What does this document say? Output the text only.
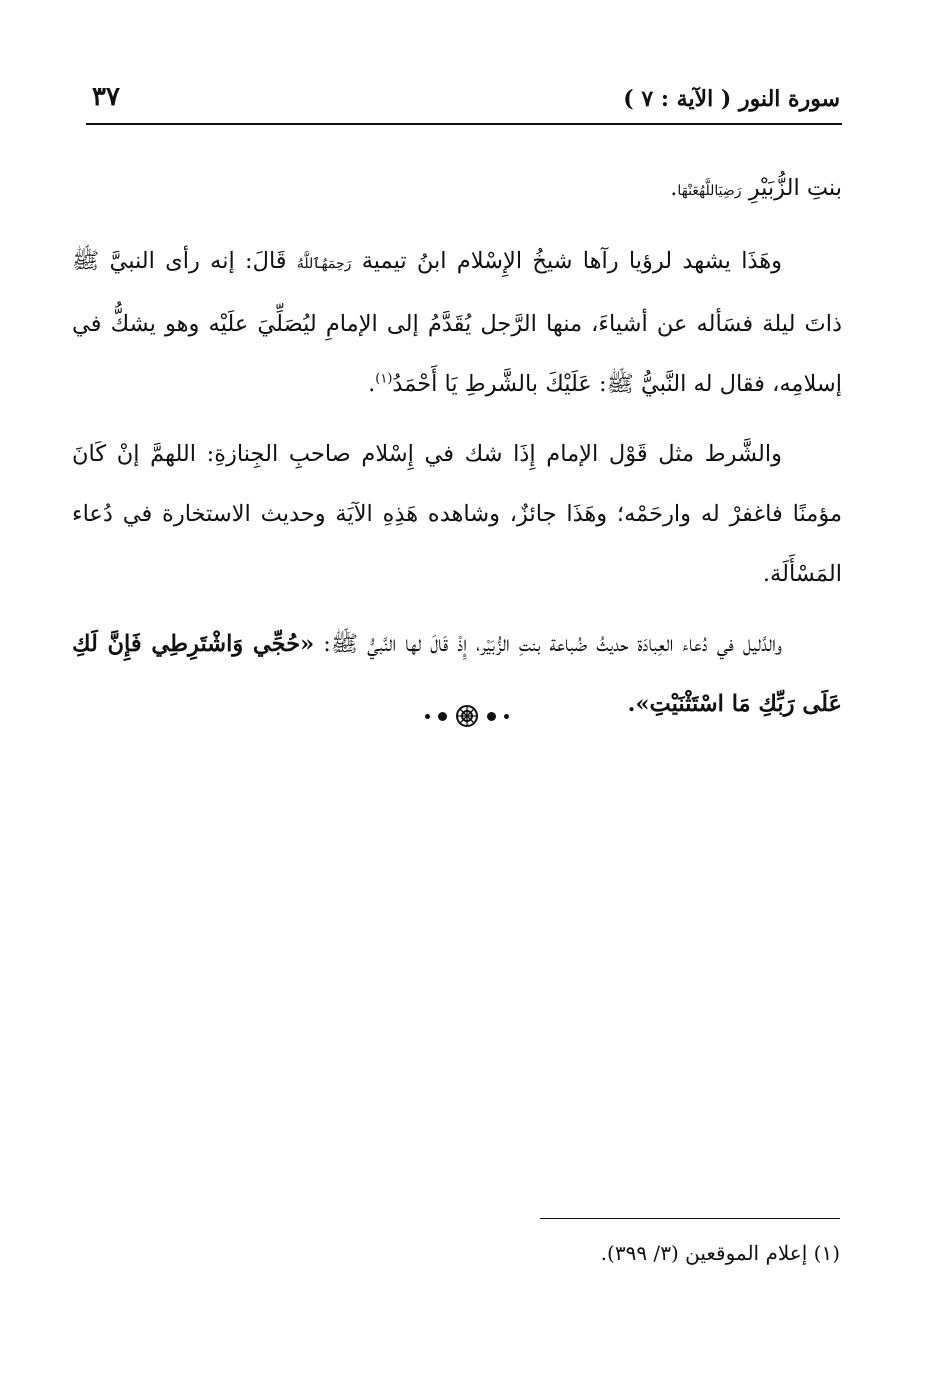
سورة النور ( الآية : ٧ )
٣٧

بنتِ الزُّبَيْرِ رَضِيَاللَّهُعَنْهَا.

وهَذَا يشهد لرؤيا رآها شيخُ الإِسْلام ابنُ تيمية رَحِمَهُٱللَّهُ قَالَ: إنه رأى النبيَّ ﷺ ذاتَ ليلة فسَأله عن أشياءَ، منها الرَّجل يُقَدَّمُ إلى الإمامِ ليُصَلِّيَ علَيْه وهو يشكُّ في إسلامِه، فقال له النَّبيُّ ﷺ: عَلَيْكَ بالشَّرطِ يَا أَحْمَدُ$^{(١)}$.

والشَّرط مثل قَوْل الإمام إِذَا شك في إِسْلام صاحبِ الجِنازةِ: اللهمَّ إنْ كَانَ مؤمنًا فاغفرْ له وارحَمْه؛ وهَذَا جائزٌ، وشاهده هَذِهِ الآيَة وحديث الاستخارة في دُعاء المَسْأَلَة.

والدَّليل في دُعاء العِبادَة حديثُ ضُباعة بنتِ الزُّبَيْر، إِذْ قَالَ لها النَّبيُّ ﷺ: «حُجِّي وَاشْتَرِطِي فَإِنَّ لَكِ عَلَى رَبِّكِ مَا اسْتَثْنَيْتِ».

(١) إعلام الموقعين (٣/ ٣٩٩).
